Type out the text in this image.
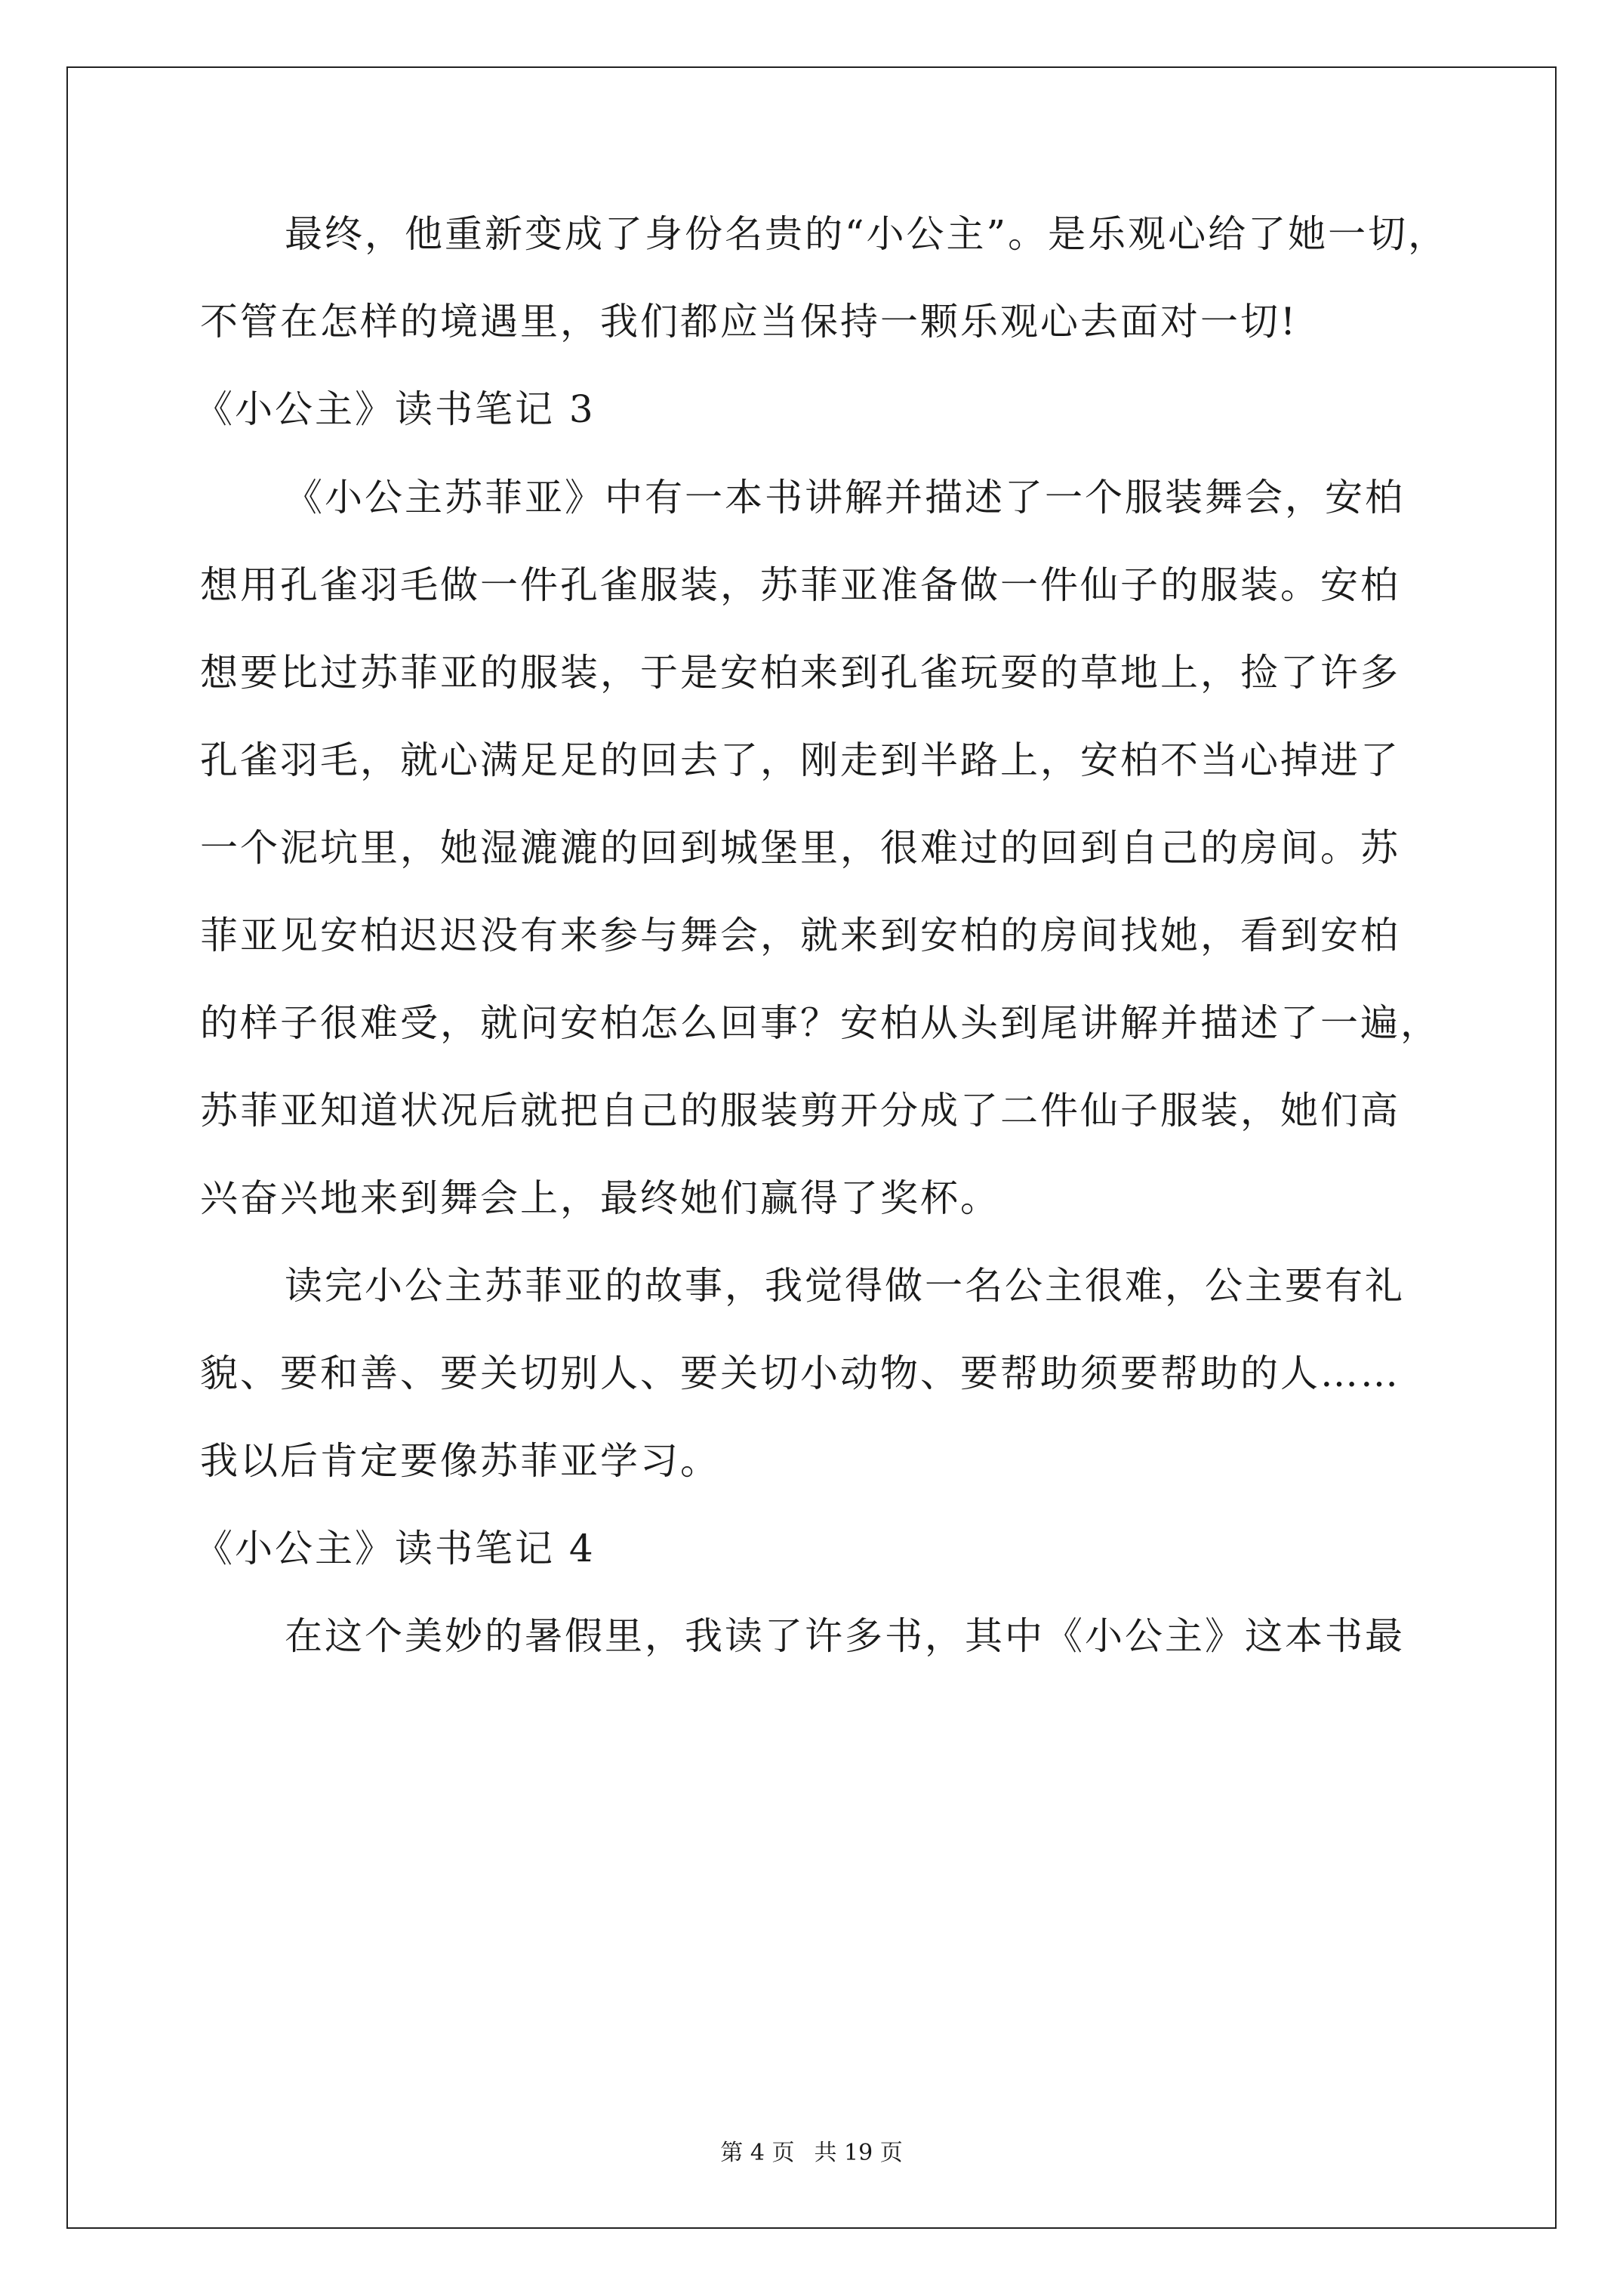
最终，他重新变成了身份名贵的“小公主”。是乐观心给了她一切，
不管在怎样的境遇里，我们都应当保持一颗乐观心去面对一切!
《小公主》读书笔记 3
《小公主苏菲亚》中有一本书讲解并描述了一个服装舞会，安柏
想用孔雀羽毛做一件孔雀服装，苏菲亚准备做一件仙子的服装。安柏
想要比过苏菲亚的服装，于是安柏来到孔雀玩耍的草地上，捡了许多
孔雀羽毛，就心满足足的回去了，刚走到半路上，安柏不当心掉进了
一个泥坑里，她湿漉漉的回到城堡里，很难过的回到自己的房间。苏
菲亚见安柏迟迟没有来参与舞会，就来到安柏的房间找她，看到安柏
的样子很难受，就问安柏怎么回事？安柏从头到尾讲解并描述了一遍，
苏菲亚知道状况后就把自己的服装剪开分成了二件仙子服装，她们高
兴奋兴地来到舞会上，最终她们赢得了奖杯。
读完小公主苏菲亚的故事，我觉得做一名公主很难，公主要有礼
貌、要和善、要关切别人、要关切小动物、要帮助须要帮助的人……
我以后肯定要像苏菲亚学习。
《小公主》读书笔记 4
在这个美妙的暑假里，我读了许多书，其中《小公主》这本书最
第 4 页 共 19 页
